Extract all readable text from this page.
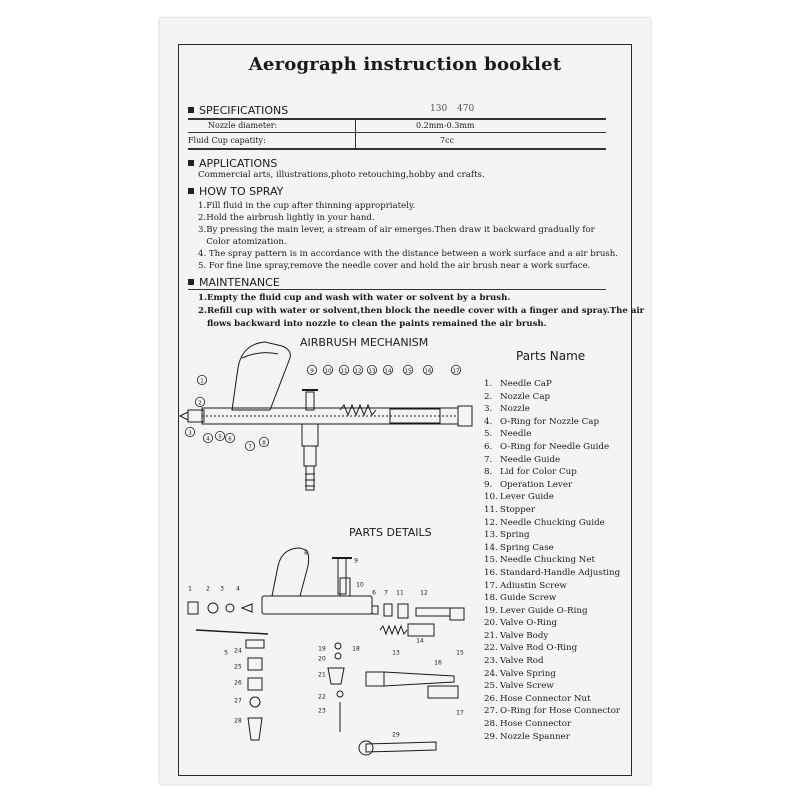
Aerograph instruction booklet
SPECIFICATIONS	130 470
Nozzle diameter:	0.2mm-0.3mm
Fluid Cup capatity:	7cc
APPLICATIONS
Commercial arts, illustrations,photo retouching,hobby and crafts.
HOW TO SPRAY
1.Fill fluid in the cup after thinning appropriately.
2.Hold the airbrush lightly in your hand.
3.By pressing the main lever, a stream of air emerges.Then draw it backward gradually for
Color atomization.
4. The spray pattern is in accordance with the distance between a work surface and a air brush.
5. For fine line spray,remove the needle cover and hold the air brush near a work surface.
MAINTENANCE
1.Empty the fluid cup and wash with water or solvent by a brush.
2.Refill cup with water or solvent,then block the needle cover with a finger and spray.The air
flows backward into nozzle to clean the paints remained the air brush.
AIRBRUSH MECHANISM
PARTS DETAILS
Parts Name
1. Needle CaP
2. Nozzle Cap
3. Nozzle
4. O-Ring for Nozzle Cap
5. Needle
6. O-Ring for Needle Guide
7. Needle Guide
8. Lid for Color Cup
9. Operation Lever
10. Lever Guide
11. Stopper
12. Needle Chucking Guide
13. Spring
14. Spring Case
15. Needle Chucking Net
16. Standard-Handle Adjusting
17. Adiustin Screw
18. Guide Screw
19. Lever Guide O-Ring
20. Valve O-Ring
21. Valve Body
22. Valve Rod O-Ring
23. Valve Rod
24. Valve Spring
25. Valve Screw
26. Hose Connector Nut
27. O-Ring for Hose Connector
28. Hose Connector
29. Nozzle Spanner
1
2
3
4 5 6
7
8
9 10 11 12 13 14 15 16	17
1 2 3 4
5
6 7
8
9
10
11	12
13
14
15
16
17
18
19
20
21
22
23
24
25
26
27
28
29
